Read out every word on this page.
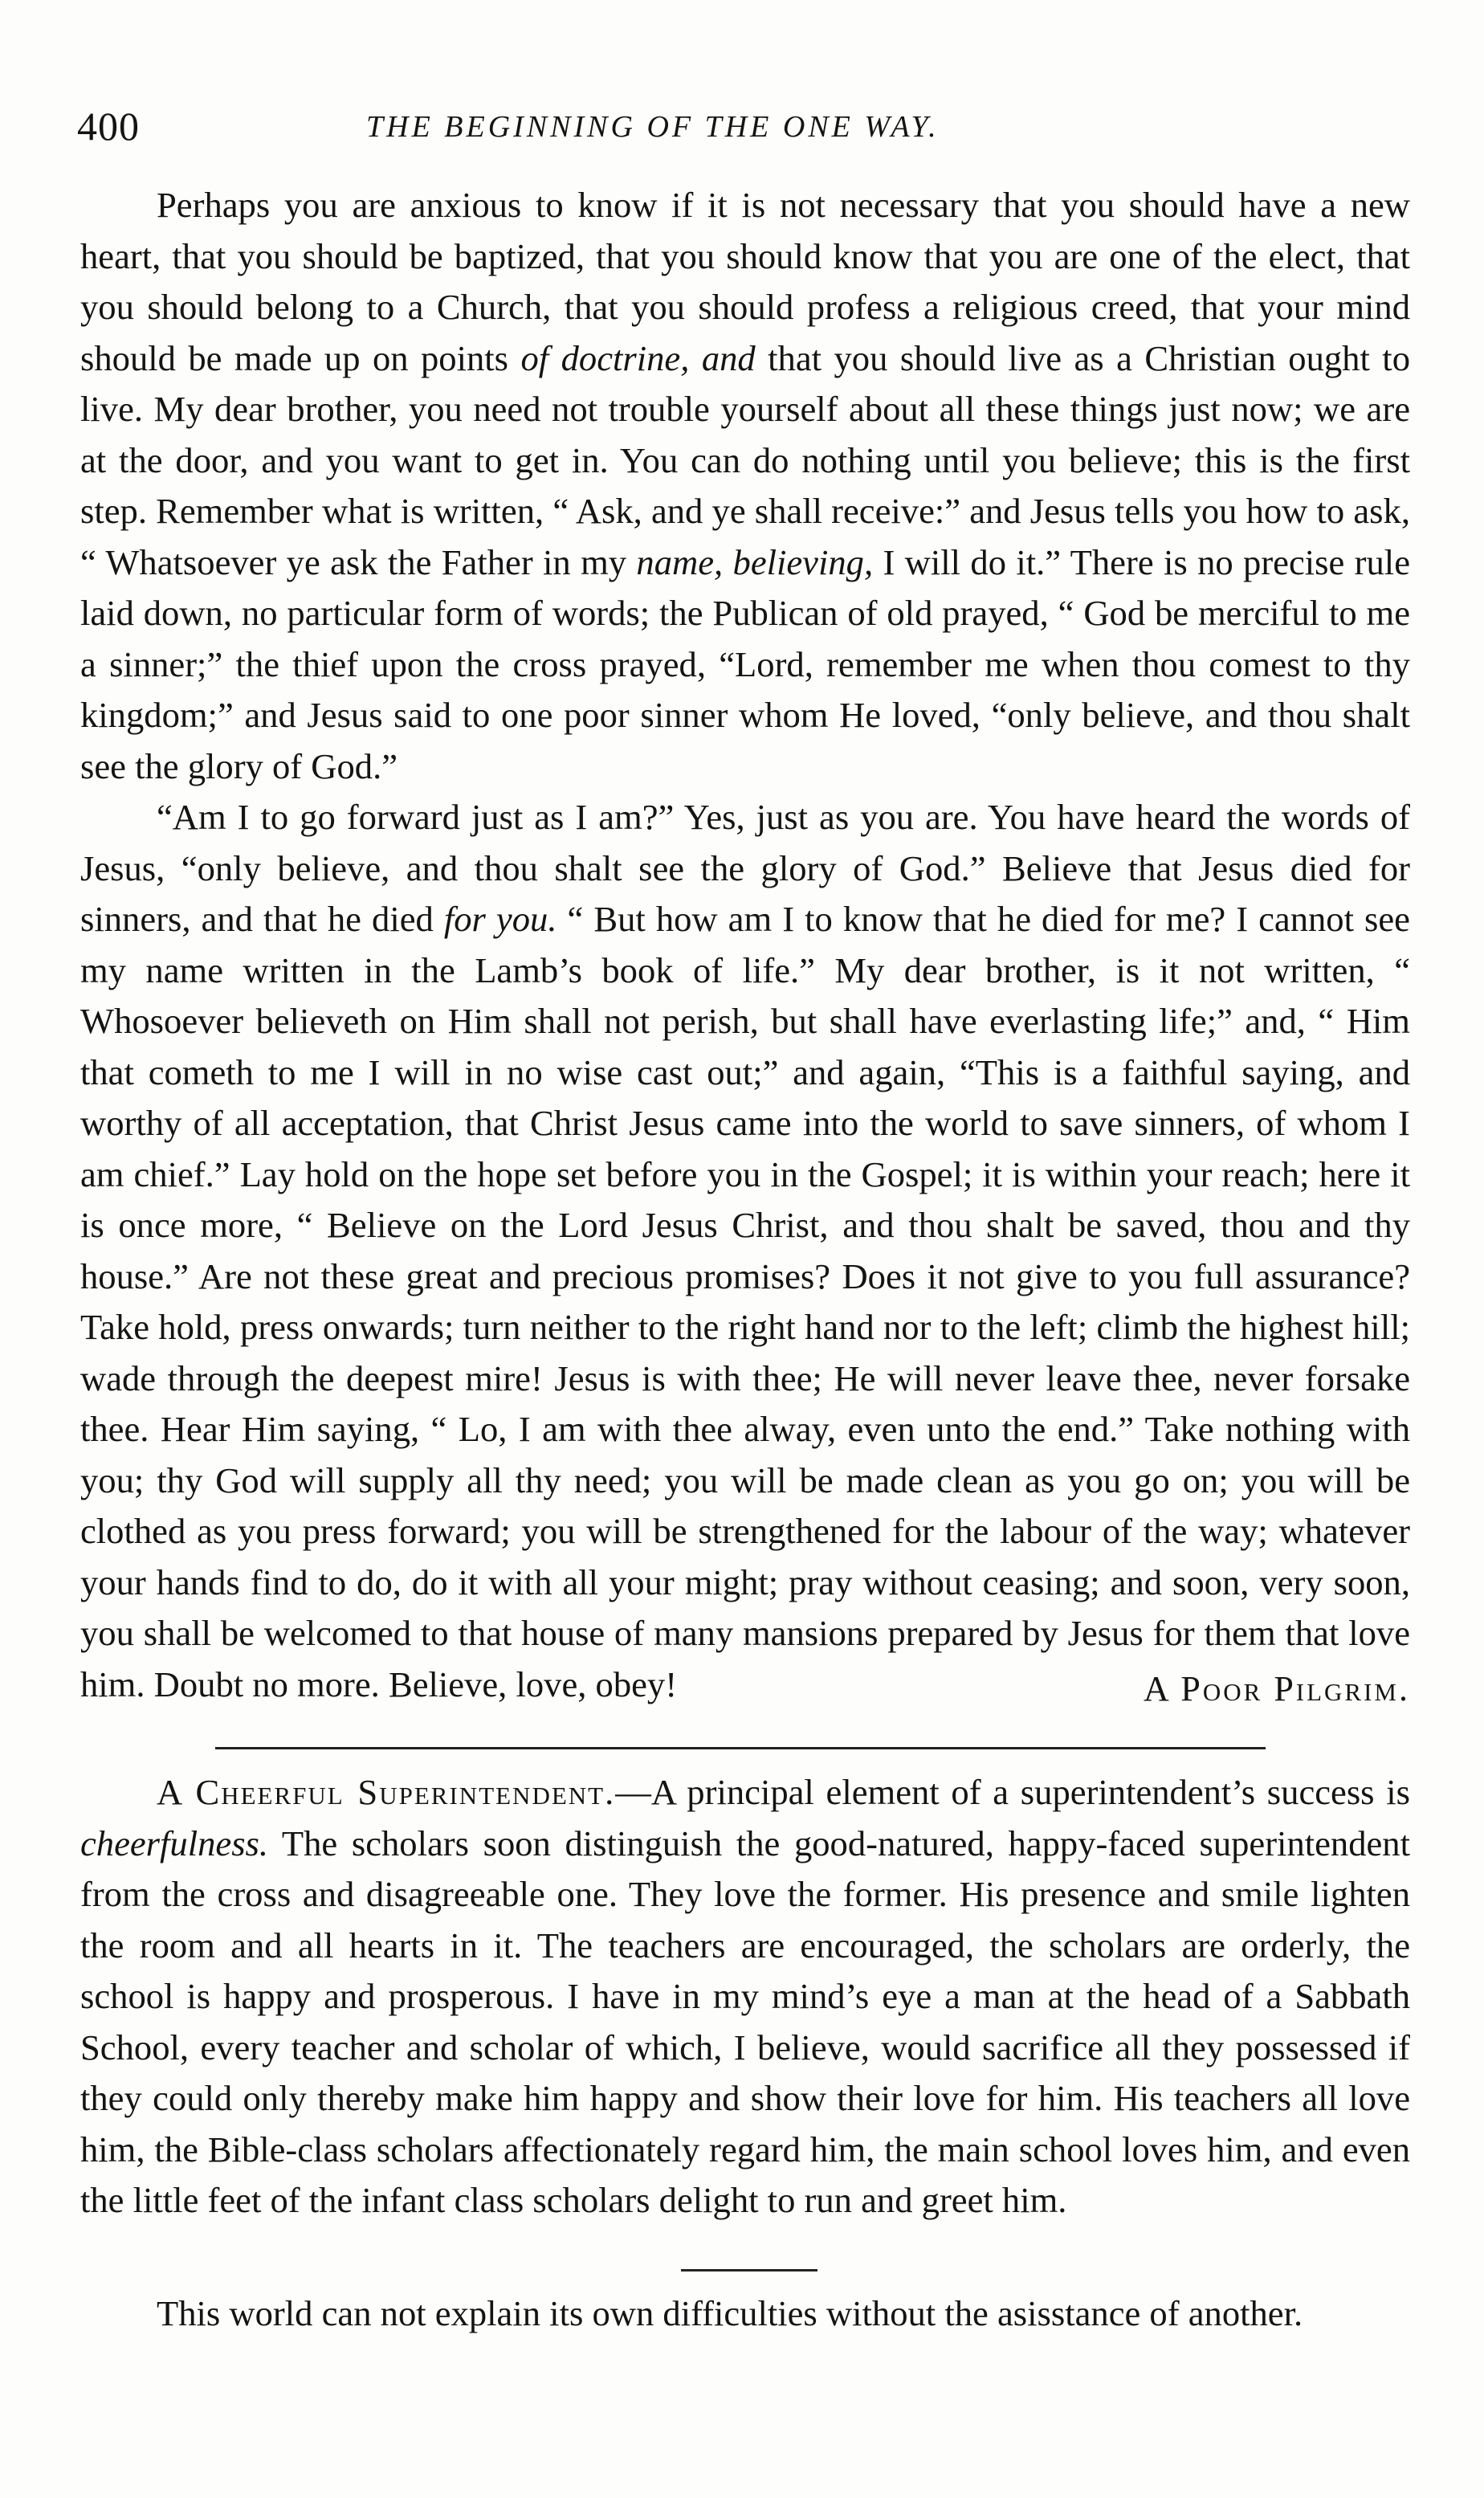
400	THE BEGINNING OF THE ONE WAY.

Perhaps you are anxious to know if it is not necessary that you should have a new heart, that you should be baptized, that you should know that you are one of the elect, that you should belong to a Church, that you should profess a religious creed, that your mind should be made up on points of doctrine, and that you should live as a Christian ought to live. My dear brother, you need not trouble yourself about all these things just now; we are at the door, and you want to get in. You can do nothing until you believe; this is the first step. Remember what is written, “ Ask, and ye shall receive:” and Jesus tells you how to ask, “ Whatsoever ye ask the Father in my name, believing, I will do it.” There is no precise rule laid down, no particular form of words; the Publican of old prayed, “ God be merciful to me a sinner;” the thief upon the cross prayed, “Lord, remember me when thou comest to thy kingdom;” and Jesus said to one poor sinner whom He loved, “only believe, and thou shalt see the glory of God.”

“Am I to go forward just as I am?” Yes, just as you are. You have heard the words of Jesus, “only believe, and thou shalt see the glory of God.” Believe that Jesus died for sinners, and that he died for you. “ But how am I to know that he died for me? I cannot see my name written in the Lamb’s book of life.” My dear brother, is it not written, “ Whosoever believeth on Him shall not perish, but shall have everlasting life;” and, “ Him that cometh to me I will in no wise cast out;” and again, “This is a faithful saying, and worthy of all acceptation, that Christ Jesus came into the world to save sinners, of whom I am chief.” Lay hold on the hope set before you in the Gospel; it is within your reach; here it is once more, “ Believe on the Lord Jesus Christ, and thou shalt be saved, thou and thy house.” Are not these great and precious promises? Does it not give to you full assurance? Take hold, press onwards; turn neither to the right hand nor to the left; climb the highest hill; wade through the deepest mire! Jesus is with thee; He will never leave thee, never forsake thee. Hear Him saying, “ Lo, I am with thee alway, even unto the end.” Take nothing with you; thy God will supply all thy need; you will be made clean as you go on; you will be clothed as you press forward; you will be strengthened for the labour of the way; whatever your hands find to do, do it with all your might; pray without ceasing; and soon, very soon, you shall be welcomed to that house of many mansions prepared by Jesus for them that love him. Doubt no more. Believe, love, obey!	A Poor Pilgrim.

A Cheerful Superintendent.—A principal element of a superintendent’s success is cheerfulness. The scholars soon distinguish the good-natured, happy-faced superintendent from the cross and disagreeable one. They love the former. His presence and smile lighten the room and all hearts in it. The teachers are encouraged, the scholars are orderly, the school is happy and prosperous. I have in my mind’s eye a man at the head of a Sabbath School, every teacher and scholar of which, I believe, would sacrifice all they possessed if they could only thereby make him happy and show their love for him. His teachers all love him, the Bible-class scholars affectionately regard him, the main school loves him, and even the little feet of the infant class scholars delight to run and greet him.

This world can not explain its own difficulties without the asisstance of another.
